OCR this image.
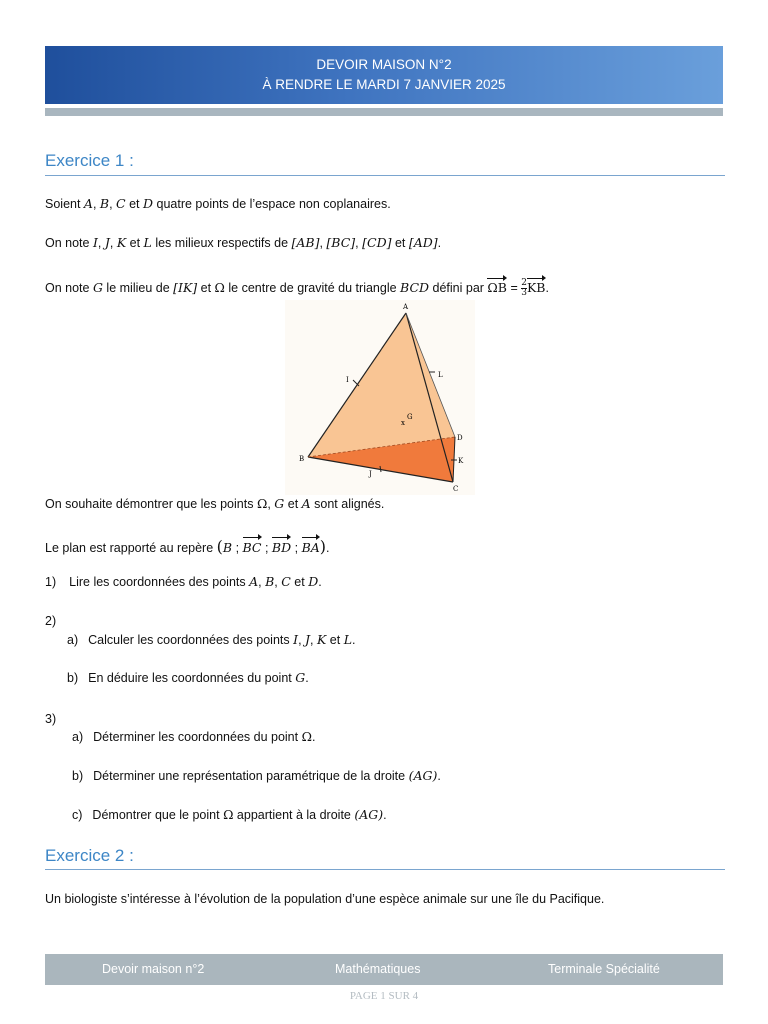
DEVOIR MAISON N°2
À RENDRE LE MARDI 7 JANVIER 2025
Exercice 1 :
Soient A, B, C et D quatre points de l’espace non coplanaires.
On note I, J, K et L les milieux respectifs de [AB], [BC], [CD] et [AD].
On note G le milieu de [IK] et Ω le centre de gravité du triangle BCD défini par $\Omega B = \frac{2}{3}$ KB.
A
B
C
D
I
J
K
L
x
G
On souhaite démontrer que les points Ω, G et A sont alignés.
Le plan est rapporté au repère (B ; BC ; BD ; BA).
1) Lire les coordonnées des points A, B, C et D.
2)
a) Calculer les coordonnées des points I, J, K et L.
b) En déduire les coordonnées du point G.
3)
a) Déterminer les coordonnées du point Ω.
b) Déterminer une représentation paramétrique de la droite (AG).
c) Démontrer que le point Ω appartient à la droite (AG).
Exercice 2 :
Un biologiste s’intéresse à l’évolution de la population d’une espèce animale sur une île du Pacifique.
Devoir maison n°2	Mathématiques	Terminale Spécialité
PAGE 1 SUR 4
